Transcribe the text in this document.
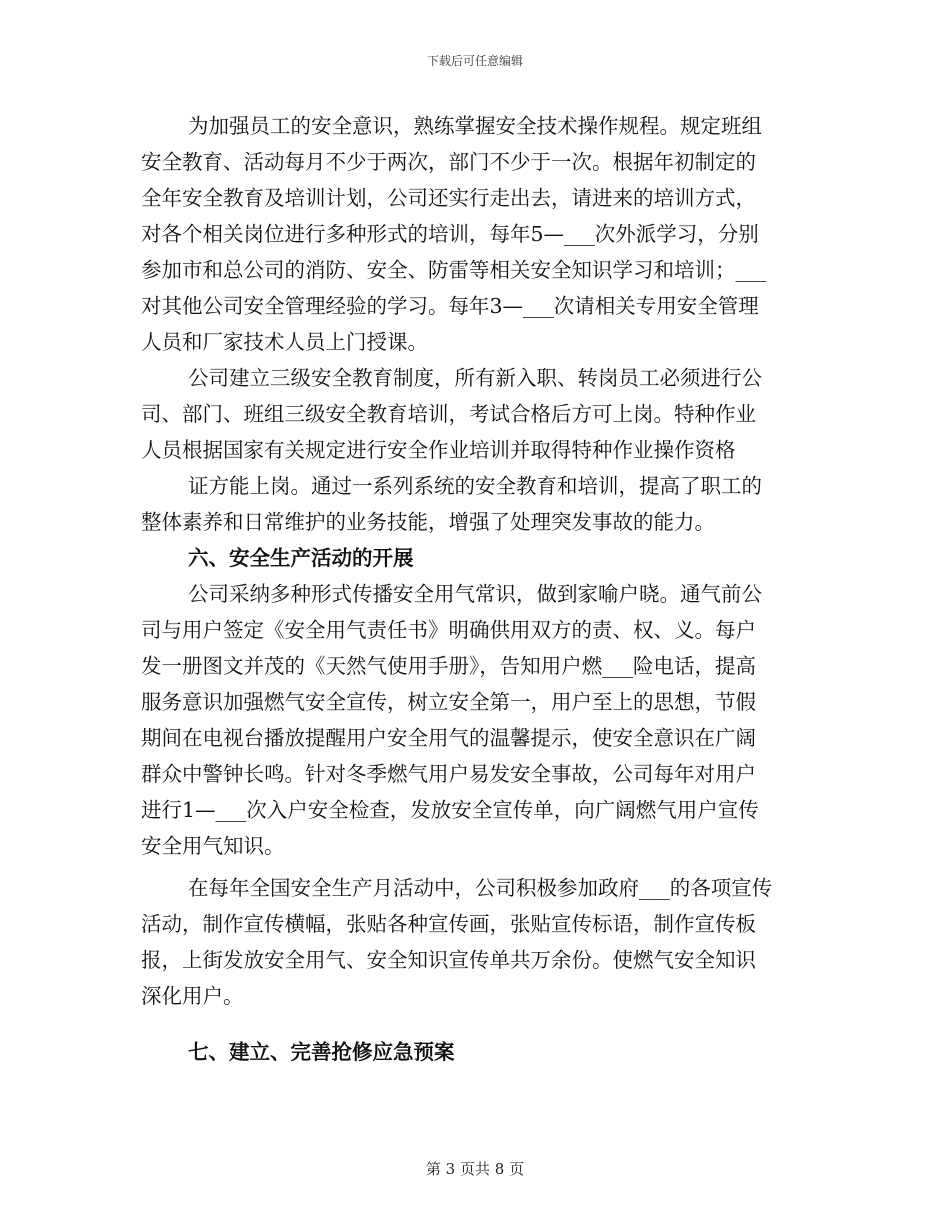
下载后可任意编辑
为加强员工的安全意识，熟练掌握安全技术操作规程。规定班组
安全教育、活动每月不少于两次，部门不少于一次。根据年初制定的
全年安全教育及培训计划，公司还实行走出去，请进来的培训方式，
对各个相关岗位进行多种形式的培训，每年5—___次外派学习，分别
参加市和总公司的消防、安全、防雷等相关安全知识学习和培训；___
对其他公司安全管理经验的学习。每年3—___次请相关专用安全管理
人员和厂家技术人员上门授课。
公司建立三级安全教育制度，所有新入职、转岗员工必须进行公
司、部门、班组三级安全教育培训，考试合格后方可上岗。特种作业
人员根据国家有关规定进行安全作业培训并取得特种作业操作资格
证方能上岗。通过一系列系统的安全教育和培训，提高了职工的
整体素养和日常维护的业务技能，增强了处理突发事故的能力。
六、安全生产活动的开展
公司采纳多种形式传播安全用气常识，做到家喻户晓。通气前公
司与用户签定《安全用气责任书》明确供用双方的责、权、义。每户
发一册图文并茂的《天然气使用手册》，告知用户燃___险电话，提高
服务意识加强燃气安全宣传，树立安全第一，用户至上的思想，节假
期间在电视台播放提醒用户安全用气的温馨提示，使安全意识在广阔
群众中警钟长鸣。针对冬季燃气用户易发安全事故，公司每年对用户
进行1—___次入户安全检查，发放安全宣传单，向广阔燃气用户宣传
安全用气知识。
在每年全国安全生产月活动中，公司积极参加政府___的各项宣传
活动，制作宣传横幅，张贴各种宣传画，张贴宣传标语，制作宣传板
报，上街发放安全用气、安全知识宣传单共万余份。使燃气安全知识
深化用户。
七、建立、完善抢修应急预案
第 3 页共 8 页
